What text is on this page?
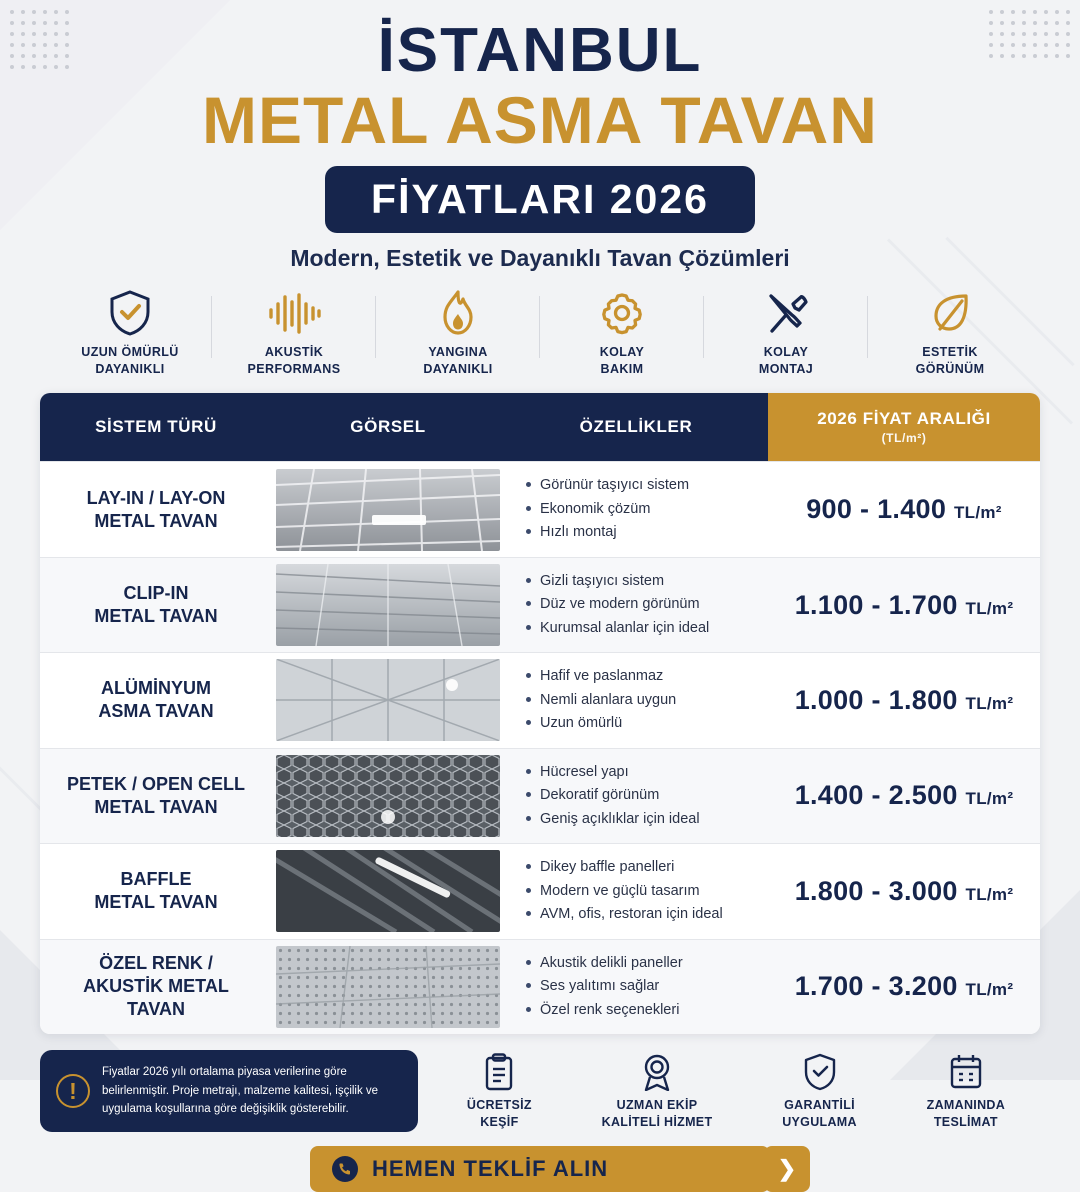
İSTANBUL
METAL ASMA TAVAN
FİYATLARI 2026
Modern, Estetik ve Dayanıklı Tavan Çözümleri
UZUN ÖMÜRLÜ
DAYANIKLI
AKUSTİK
PERFORMANS
YANGINA
DAYANIKLI
KOLAY
BAKIM
KOLAY
MONTAJ
ESTETİK
GÖRÜNÜM
SİSTEM TÜRÜ	GÖRSEL	ÖZELLİKLER	2026 FİYAT ARALIĞI
(TL/m²)

LAY-IN / LAY-ON
METAL TAVAN	

Görünür taşıyıcı sistem
Ekonomik çözüm
Hızlı montaj
	900 - 1.400 TL/m²
CLIP-IN
METAL TAVAN	

Gizli taşıyıcı sistem
Düz ve modern görünüm
Kurumsal alanlar için ideal
	1.100 - 1.700 TL/m²
ALÜMİNYUM
ASMA TAVAN	

Hafif ve paslanmaz
Nemli alanlara uygun
Uzun ömürlü
	1.000 - 1.800 TL/m²
PETEK / OPEN CELL
METAL TAVAN	

Hücresel yapı
Dekoratif görünüm
Geniş açıklıklar için ideal
	1.400 - 2.500 TL/m²
BAFFLE
METAL TAVAN	

Dikey baffle panelleri
Modern ve güçlü tasarım
AVM, ofis, restoran için ideal
	1.800 - 3.000 TL/m²
ÖZEL RENK /
AKUSTİK METAL TAVAN	

Akustik delikli paneller
Ses yalıtımı sağlar
Özel renk seçenekleri
	1.700 - 3.200 TL/m²
!

Fiyatlar 2026 yılı ortalama piyasa verilerine göre belirlenmiştir. Proje metrajı, malzeme kalitesi, işçilik ve uygulama koşullarına göre değişiklik gösterebilir.	ÜCRETSİZ
KEŞİF
UZMAN EKİP
KALİTELİ HİZMET
GARANTİLİ
UYGULAMA
ZAMANINDA
TESLİMAT
HEMEN TEKLİF ALIN	❯
